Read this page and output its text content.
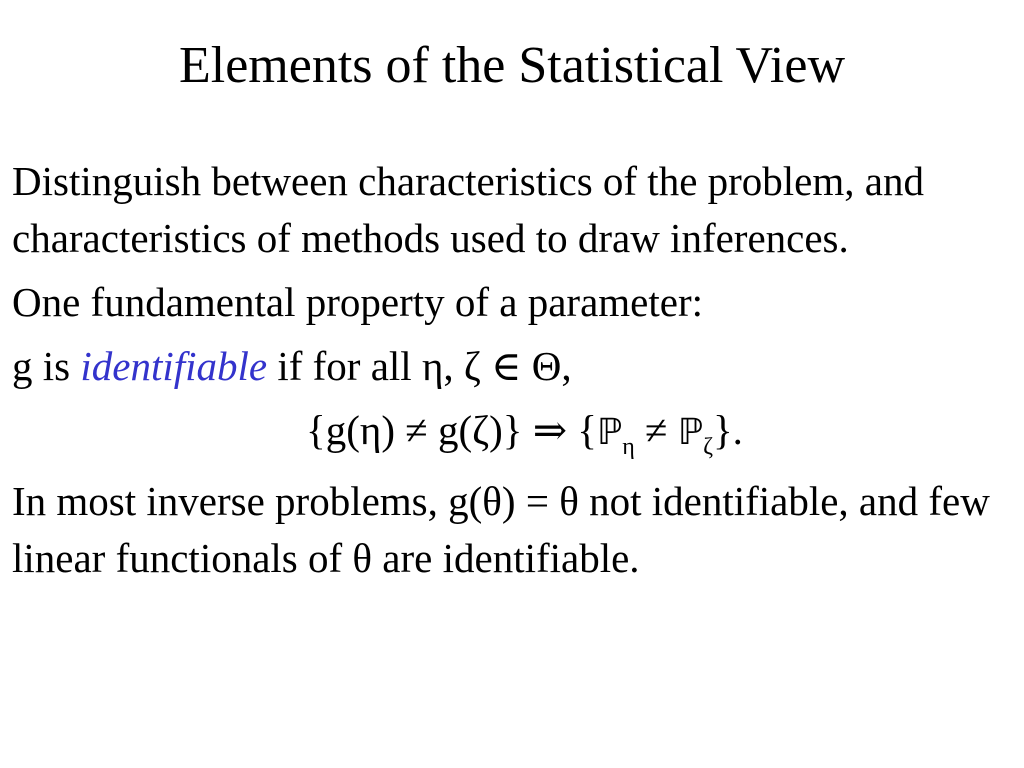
Elements of the Statistical View

Distinguish between characteristics of the problem, and characteristics of methods used to draw inferences.

One fundamental property of a parameter:

g is identifiable if for all η, ζ ∈ Θ,

{g(η) ≠ g(ζ)} ⇒ {ℙ$_\eta$ ≠ ℙ$_\zeta$}.

In most inverse problems, g(θ) = θ not identifiable, and few linear functionals of θ are identifiable.
